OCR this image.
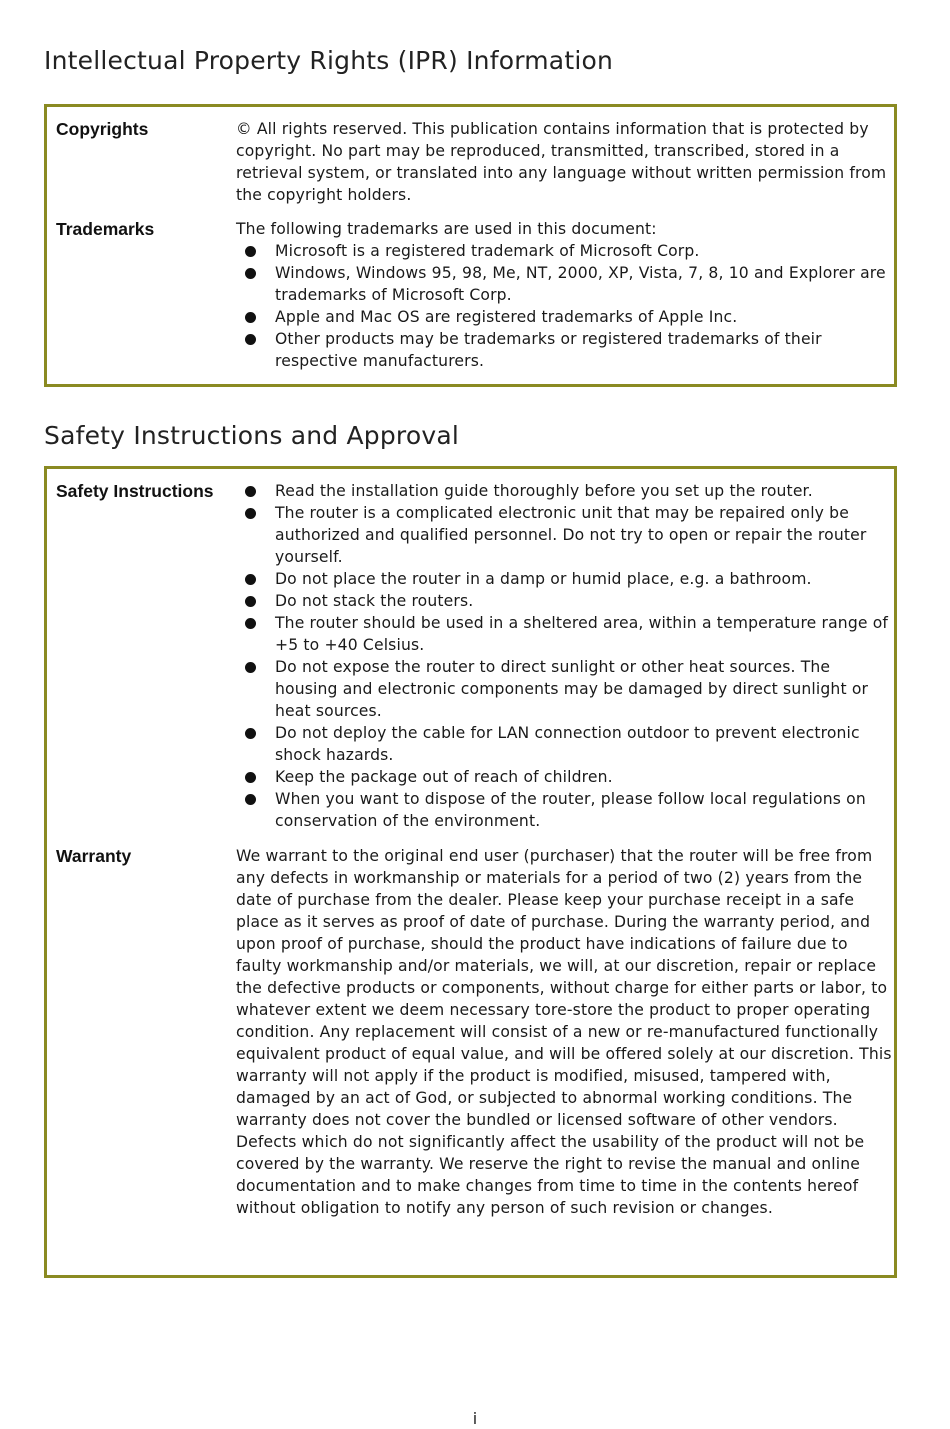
Intellectual Property Rights (IPR) Information
Copyrights	© All rights reserved. This publication contains information that is protected by copyright. No part may be reproduced, transmitted, transcribed, stored in a retrieval system, or translated into any language without written permission from the copyright holders.

Trademarks	The following trademarks are used in this document:

Microsoft is a registered trademark of Microsoft Corp.
Windows, Windows 95, 98, Me, NT, 2000, XP, Vista, 7, 8, 10 and Explorer are trademarks of Microsoft Corp.
Apple and Mac OS are registered trademarks of Apple Inc.
Other products may be trademarks or registered trademarks of their respective manufacturers.
Safety Instructions and Approval
Safety Instructions	Read the installation guide thoroughly before you set up the router.
The router is a complicated electronic unit that may be repaired only be authorized and qualified personnel. Do not try to open or repair the router yourself.
Do not place the router in a damp or humid place, e.g. a bathroom.
Do not stack the routers.
The router should be used in a sheltered area, within a temperature range of +5 to +40 Celsius.
Do not expose the router to direct sunlight or other heat sources. The housing and electronic components may be damaged by direct sunlight or heat sources.
Do not deploy the cable for LAN connection outdoor to prevent electronic shock hazards.
Keep the package out of reach of children.
When you want to dispose of the router, please follow local regulations on conservation of the environment.
Warranty	We warrant to the original end user (purchaser) that the router will be free from any defects in workmanship or materials for a period of two (2) years from the date of purchase from the dealer. Please keep your purchase receipt in a safe place as it serves as proof of date of purchase. During the warranty period, and upon proof of purchase, should the product have indications of failure due to faulty workmanship and/or materials, we will, at our discretion, repair or replace the defective products or components, without charge for either parts or labor, to whatever extent we deem necessary tore-store the product to proper operating condition. Any replacement will consist of a new or re-manufactured functionally equivalent product of equal value, and will be offered solely at our discretion. This warranty will not apply if the product is modified, misused, tampered with, damaged by an act of God, or subjected to abnormal working conditions. The warranty does not cover the bundled or licensed software of other vendors. Defects which do not significantly affect the usability of the product will not be covered by the warranty. We reserve the right to revise the manual and online documentation and to make changes from time to time in the contents hereof without obligation to notify any person of such revision or changes.

i
